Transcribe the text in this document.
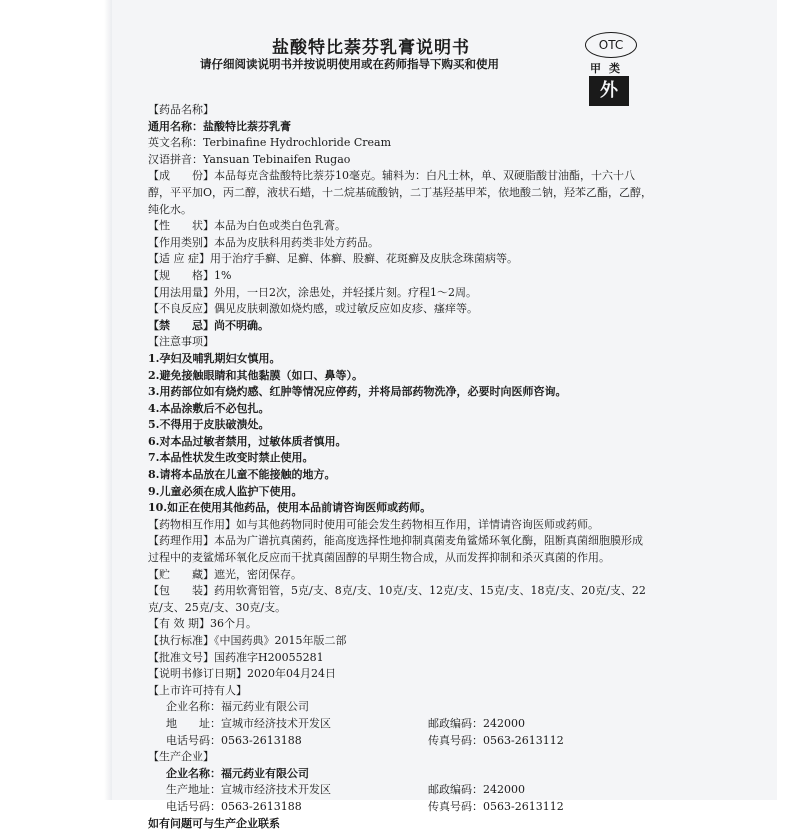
盐酸特比萘芬乳膏说明书
请仔细阅读说明书并按说明使用或在药师指导下购买和使用
OTC
甲类
外
【药品名称】
通用名称：盐酸特比萘芬乳膏
英文名称：Terbinafine Hydrochloride Cream
汉语拼音：Yansuan Tebinaifen Rugao
【成　　份】本品每克含盐酸特比萘芬10毫克。辅料为：白凡士林，单、双硬脂酸甘油酯，十六十八醇，平平加O，丙二醇，液状石蜡，十二烷基硫酸钠，二丁基羟基甲苯，依地酸二钠，羟苯乙酯，乙醇，纯化水。
【性　　状】本品为白色或类白色乳膏。
【作用类别】本品为皮肤科用药类非处方药品。
【适 应 症】用于治疗手癣、足癣、体癣、股癣、花斑癣及皮肤念珠菌病等。
【规　　格】1%
【用法用量】外用，一日2次，涂患处，并轻揉片刻。疗程1～2周。
【不良反应】偶见皮肤刺激如烧灼感，或过敏反应如皮疹、瘙痒等。
【禁　　忌】尚不明确。
【注意事项】
1.孕妇及哺乳期妇女慎用。
2.避免接触眼睛和其他黏膜（如口、鼻等）。
3.用药部位如有烧灼感、红肿等情况应停药，并将局部药物洗净，必要时向医师咨询。
4.本品涂敷后不必包扎。
5.不得用于皮肤破溃处。
6.对本品过敏者禁用，过敏体质者慎用。
7.本品性状发生改变时禁止使用。
8.请将本品放在儿童不能接触的地方。
9.儿童必须在成人监护下使用。
10.如正在使用其他药品，使用本品前请咨询医师或药师。
【药物相互作用】如与其他药物同时使用可能会发生药物相互作用，详情请咨询医师或药师。
【药理作用】本品为广谱抗真菌药，能高度选择性地抑制真菌麦角鲨烯环氧化酶，阻断真菌细胞膜形成过程中的麦鲨烯环氧化反应而干扰真菌固醇的早期生物合成，从而发挥抑制和杀灭真菌的作用。
【贮　　藏】遮光，密闭保存。
【包　　装】药用软膏铝管，5克/支、8克/支、10克/支、12克/支、15克/支、18克/支、20克/支、22克/支、25克/支、30克/支。
【有 效 期】36个月。
【执行标准】《中国药典》2015年版二部
【批准文号】国药准字H20055281
【说明书修订日期】2020年04月24日
【上市许可持有人】
企业名称：福元药业有限公司
地　　址：宣城市经济技术开发区	邮政编码：242000
电话号码：0563-2613188	传真号码：0563-2613112
【生产企业】
企业名称：福元药业有限公司
生产地址：宣城市经济技术开发区	邮政编码：242000
电话号码：0563-2613188	传真号码：0563-2613112
如有问题可与生产企业联系
